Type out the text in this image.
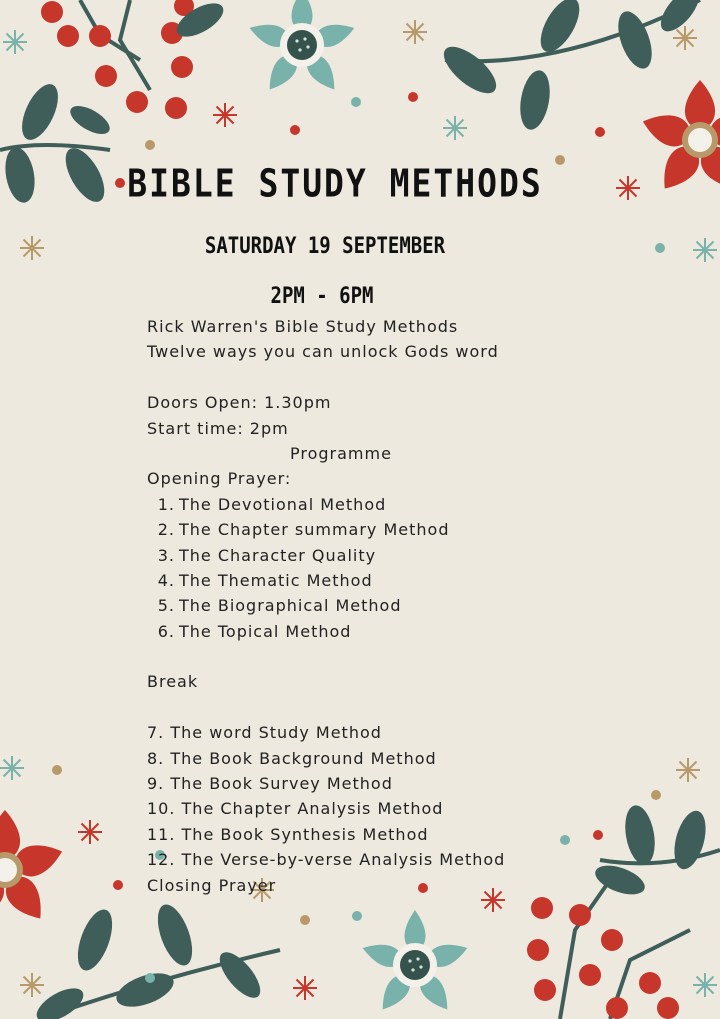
BIBLE STUDY METHODS
SATURDAY 19 SEPTEMBER
2PM - 6PM
Rick Warren's Bible Study Methods
Twelve ways you can unlock Gods word
Doors Open: 1.30pm
Start time: 2pm
Programme
Opening Prayer:
1. The Devotional Method
2. The Chapter summary Method
3. The Character Quality
4. The Thematic Method
5. The Biographical Method
6. The Topical Method
Break
7. The word Study Method
8. The Book Background Method
9. The Book Survey Method
10. The Chapter Analysis Method
11. The Book Synthesis Method
12. The Verse-by-verse Analysis Method
Closing Prayer
